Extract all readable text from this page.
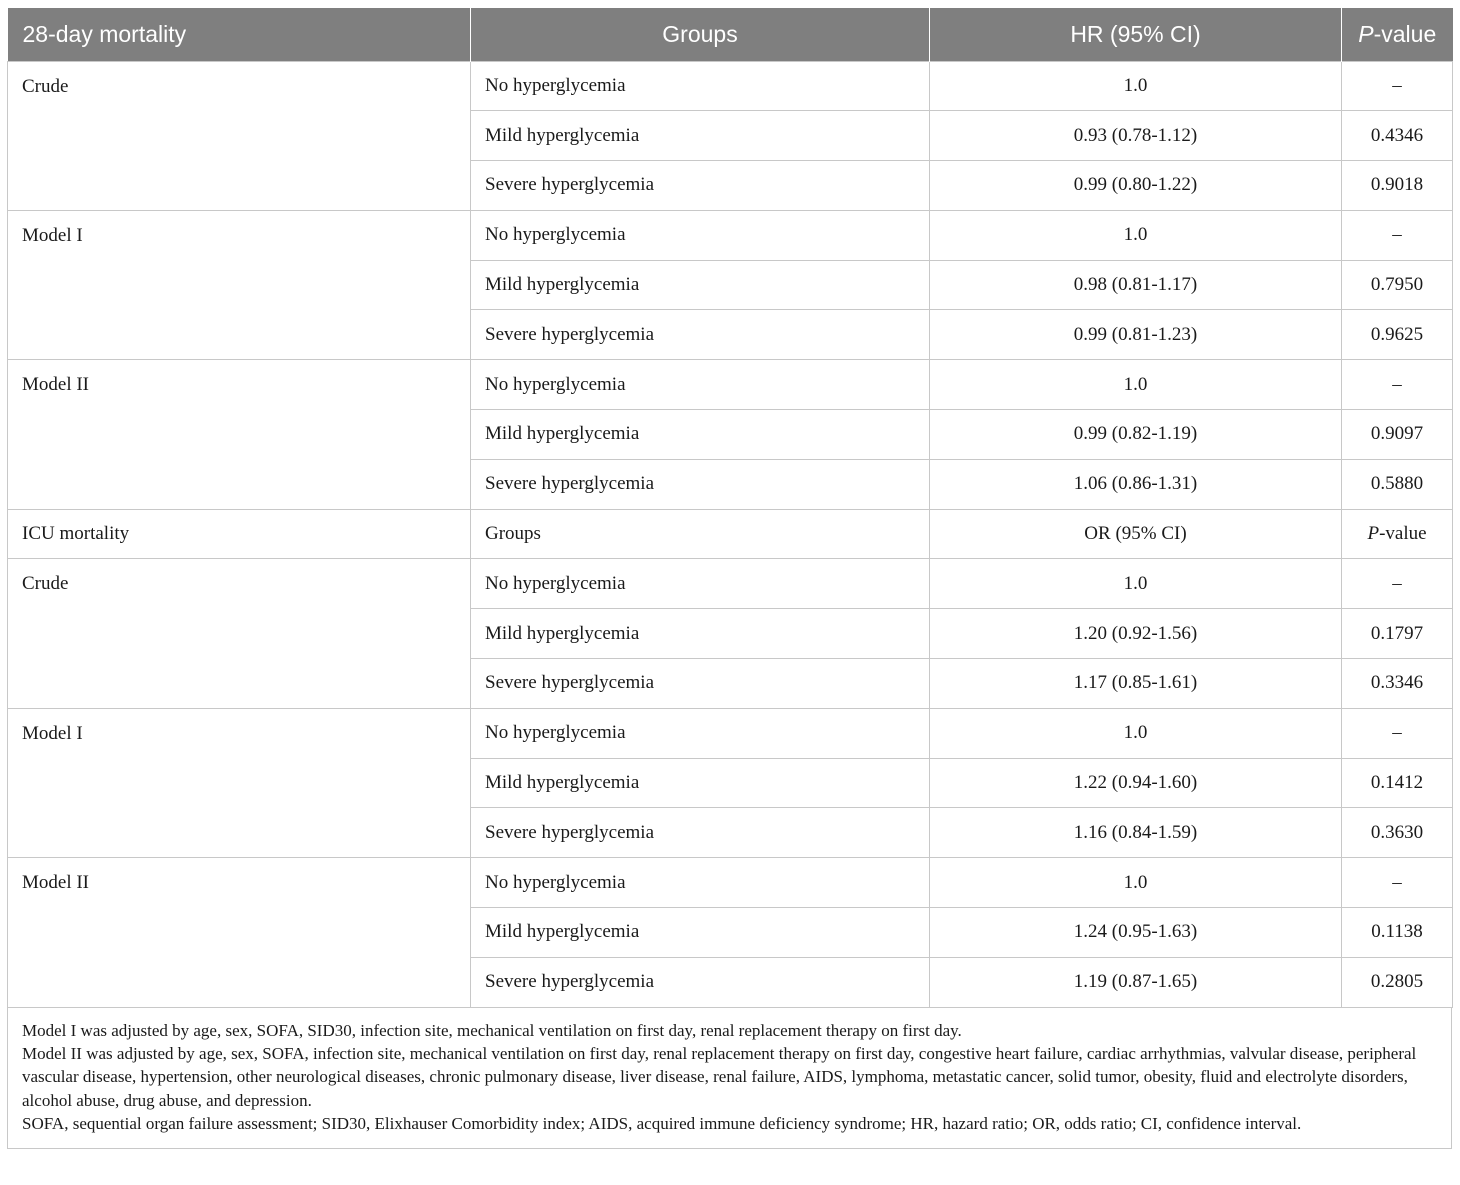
28-day mortality	Groups	HR (95% CI)	P-value
Crude	No hyperglycemia	1.0	–
	Mild hyperglycemia	0.93 (0.78-1.12)	0.4346
	Severe hyperglycemia	0.99 (0.80-1.22)	0.9018
Model I	No hyperglycemia	1.0	–
	Mild hyperglycemia	0.98 (0.81-1.17)	0.7950
	Severe hyperglycemia	0.99 (0.81-1.23)	0.9625
Model II	No hyperglycemia	1.0	–
	Mild hyperglycemia	0.99 (0.82-1.19)	0.9097
	Severe hyperglycemia	1.06 (0.86-1.31)	0.5880
ICU mortality	Groups	OR (95% CI)	P-value
Crude	No hyperglycemia	1.0	–
	Mild hyperglycemia	1.20 (0.92-1.56)	0.1797
	Severe hyperglycemia	1.17 (0.85-1.61)	0.3346
Model I	No hyperglycemia	1.0	–
	Mild hyperglycemia	1.22 (0.94-1.60)	0.1412
	Severe hyperglycemia	1.16 (0.84-1.59)	0.3630
Model II	No hyperglycemia	1.0	–
	Mild hyperglycemia	1.24 (0.95-1.63)	0.1138
	Severe hyperglycemia	1.19 (0.87-1.65)	0.2805

Model I was adjusted by age, sex, SOFA, SID30, infection site, mechanical ventilation on first day, renal replacement therapy on first day.

Model II was adjusted by age, sex, SOFA, infection site, mechanical ventilation on first day, renal replacement therapy on first day, congestive heart failure, cardiac arrhythmias, valvular disease, peripheral vascular disease, hypertension, other neurological diseases, chronic pulmonary disease, liver disease, renal failure, AIDS, lymphoma, metastatic cancer, solid tumor, obesity, fluid and electrolyte disorders, alcohol abuse, drug abuse, and depression.

SOFA, sequential organ failure assessment; SID30, Elixhauser Comorbidity index; AIDS, acquired immune deficiency syndrome; HR, hazard ratio; OR, odds ratio; CI, confidence interval.
